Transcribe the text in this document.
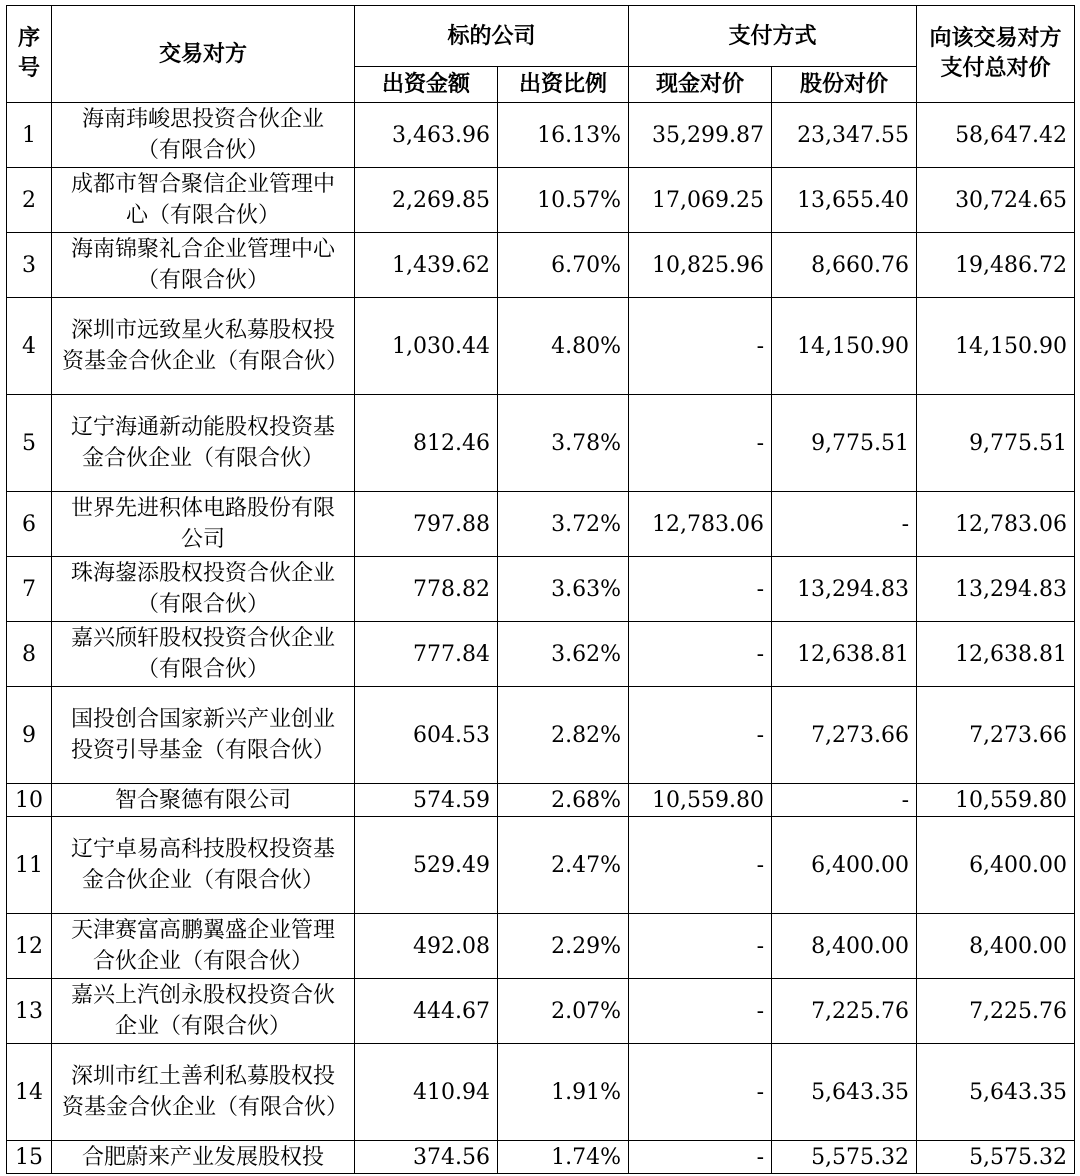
序号	交易对方	标的公司		支付方式		向该交易对方支付总对价
		出资金额	出资比例	现金对价	股份对价	
1	海南玮峻思投资合伙企业（有限合伙）	3,463.96	16.13%	35,299.87	23,347.55	58,647.42
2	成都市智合聚信企业管理中心（有限合伙）	2,269.85	10.57%	17,069.25	13,655.40	30,724.65
3	海南锦聚礼合企业管理中心（有限合伙）	1,439.62	6.70%	10,825.96	8,660.76	19,486.72
4	深圳市远致星火私募股权投资基金合伙企业（有限合伙）	1,030.44	4.80%	-	14,150.90	14,150.90
5	辽宁海通新动能股权投资基金合伙企业（有限合伙）	812.46	3.78%	-	9,775.51	9,775.51
6	世界先进积体电路股份有限公司	797.88	3.72%	12,783.06	-	12,783.06
7	珠海鋆添股权投资合伙企业（有限合伙）	778.82	3.63%	-	13,294.83	13,294.83
8	嘉兴颀轩股权投资合伙企业（有限合伙）	777.84	3.62%	-	12,638.81	12,638.81
9	国投创合国家新兴产业创业投资引导基金（有限合伙）	604.53	2.82%	-	7,273.66	7,273.66
10	智合聚德有限公司	574.59	2.68%	10,559.80	-	10,559.80
11	辽宁卓易高科技股权投资基金合伙企业（有限合伙）	529.49	2.47%	-	6,400.00	6,400.00
12	天津赛富高鹏翼盛企业管理合伙企业（有限合伙）	492.08	2.29%	-	8,400.00	8,400.00
13	嘉兴上汽创永股权投资合伙企业（有限合伙）	444.67	2.07%	-	7,225.76	7,225.76
14	深圳市红土善利私募股权投资基金合伙企业（有限合伙）	410.94	1.91%	-	5,643.35	5,643.35
15	合肥蔚来产业发展股权投	374.56	1.74%	-	5,575.32	5,575.32
